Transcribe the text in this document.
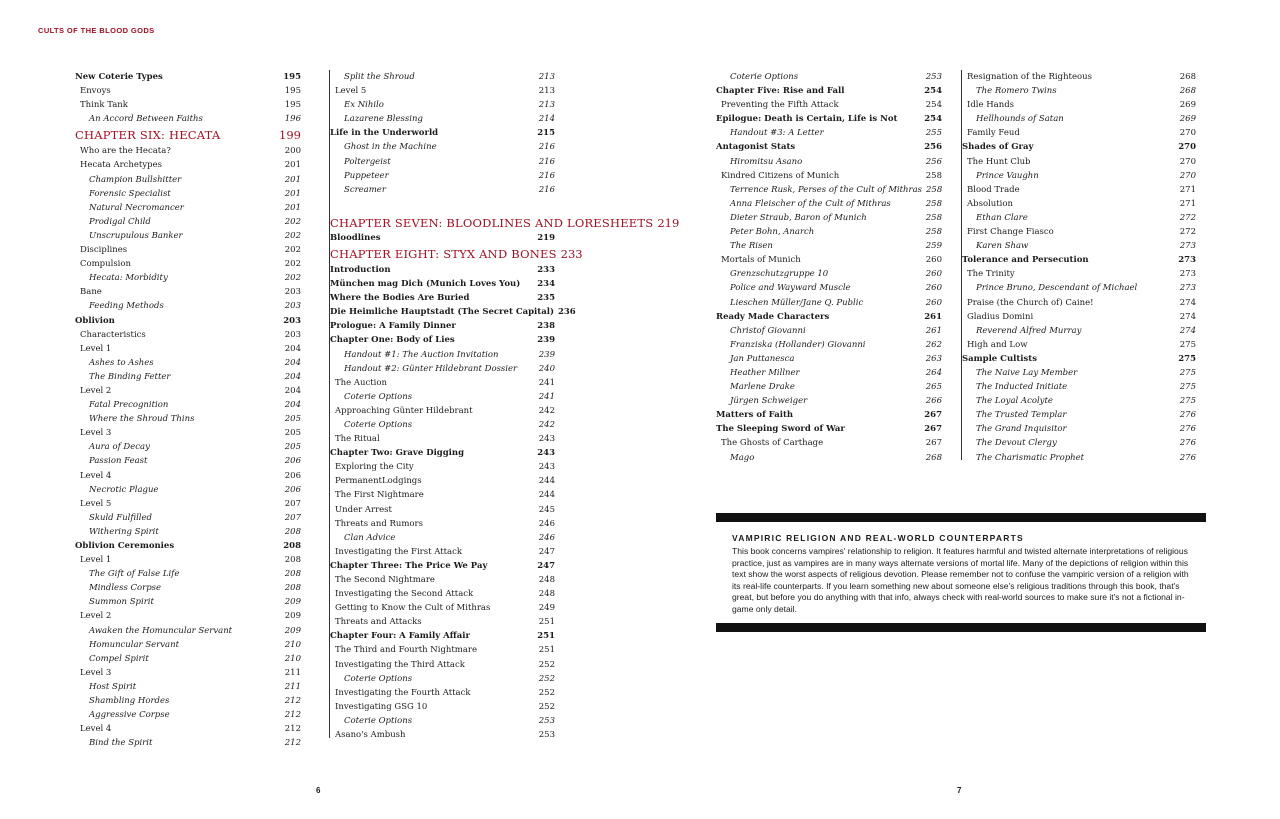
CULTS OF THE BLOOD GODS
New Coterie Types	195
Envoys	195
Think Tank	195
An Accord Between Faiths	196
CHAPTER SIX: HECATA	199
Who are the Hecata?	200
Hecata Archetypes	201
Champion Bullshitter	201
Forensic Specialist	201
Natural Necromancer	201
Prodigal Child	202
Unscrupulous Banker	202
Disciplines	202
Compulsion	202
Hecata: Morbidity	202
Bane	203
Feeding Methods	203
Oblivion	203
Characteristics	203
Level 1	204
Ashes to Ashes	204
The Binding Fetter	204
Level 2	204
Fatal Precognition	204
Where the Shroud Thins	205
Level 3	205
Aura of Decay	205
Passion Feast	206
Level 4	206
Necrotic Plague	206
Level 5	207
Skuld Fulfilled	207
Withering Spirit	208
Oblivion Ceremonies	208
Level 1	208
The Gift of False Life	208
Mindless Corpse	208
Summon Spirit	209
Level 2	209
Awaken the Homuncular Servant	209
Homuncular Servant	210
Compel Spirit	210
Level 3	211
Host Spirit	211
Shambling Hordes	212
Aggressive Corpse	212
Level 4	212
Bind the Spirit	212
Split the Shroud	213
Level 5	213
Ex Nihilo	213
Lazarene Blessing	214
Life in the Underworld	215
Ghost in the Machine	216
Poltergeist	216
Puppeteer	216
Screamer	216
CHAPTER SEVEN: BLOODLINES AND LORESHEETS 219
Bloodlines	219
CHAPTER EIGHT: STYX AND BONES 233
Introduction	233
München mag Dich (Munich Loves You)	234
Where the Bodies Are Buried	235
Die Heimliche Hauptstadt (The Secret Capital) 236
Prologue: A Family Dinner	238
Chapter One: Body of Lies	239
Handout #1: The Auction Invitation	239
Handout #2: Günter Hildebrant Dossier	240
The Auction	241
Coterie Options	241
Approaching Günter Hildebrant	242
Coterie Options	242
The Ritual	243
Chapter Two: Grave Digging	243
Exploring the City	243
PermanentLodgings	244
The First Nightmare	244
Under Arrest	245
Threats and Rumors	246
Clan Advice	246
Investigating the First Attack	247
Chapter Three: The Price We Pay	247
The Second Nightmare	248
Investigating the Second Attack	248
Getting to Know the Cult of Mithras	249
Threats and Attacks	251
Chapter Four: A Family Affair	251
The Third and Fourth Nightmare	251
Investigating the Third Attack	252
Coterie Options	252
Investigating the Fourth Attack	252
Investigating GSG 10	252
Coterie Options	253
Asano's Ambush	253
Coterie Options	253
Chapter Five: Rise and Fall	254
Preventing the Fifth Attack	254
Epilogue: Death is Certain, Life is Not	254
Handout #3: A Letter	255
Antagonist Stats	256
Hiromitsu Asano	256
Kindred Citizens of Munich	258
Terrence Rusk, Perses of the Cult of Mithras 258
Anna Fleischer of the Cult of Mithras	258
Dieter Straub, Baron of Munich	258
Peter Bohn, Anarch	258
The Risen	259
Mortals of Munich	260
Grenzschutzgruppe 10	260
Police and Wayward Muscle	260
Lieschen Müller/Jane Q. Public	260
Ready Made Characters	261
Christof Giovanni	261
Franziska (Hollander) Giovanni	262
Jan Puttanesca	263
Heather Millner	264
Marlene Drake	265
Jürgen Schweiger	266
Matters of Faith	267
The Sleeping Sword of War	267
The Ghosts of Carthage	267
Mago	268
Resignation of the Righteous	268
The Romero Twins	268
Idle Hands	269
Hellhounds of Satan	269
Family Feud	270
Shades of Gray	270
The Hunt Club	270
Prince Vaughn	270
Blood Trade	271
Absolution	271
Ethan Clare	272
First Change Fiasco	272
Karen Shaw	273
Tolerance and Persecution	273
The Trinity	273
Prince Bruno, Descendant of Michael	273
Praise (the Church of) Caine!	274
Gladius Domini	274
Reverend Alfred Murray	274
High and Low	275
Sample Cultists	275
The Naive Lay Member	275
The Inducted Initiate	275
The Loyal Acolyte	275
The Trusted Templar	276
The Grand Inquisitor	276
The Devout Clergy	276
The Charismatic Prophet	276
6	7
VAMPIRIC RELIGION AND REAL-WORLD COUNTERPARTS
This book concerns vampires' relationship to religion. It features harmful and twisted alternate interpretations of religious practice, just as vampires are in many ways alternate versions of mortal life. Many of the depictions of religion within this text show the worst aspects of religious devotion. Please remember not to confuse the vampiric version of a religion with its real-life counterparts. If you learn something new about someone else's religious traditions through this book, that's great, but before you do anything with that info, always check with real-world sources to make sure it's not a fictional in-game only detail.
